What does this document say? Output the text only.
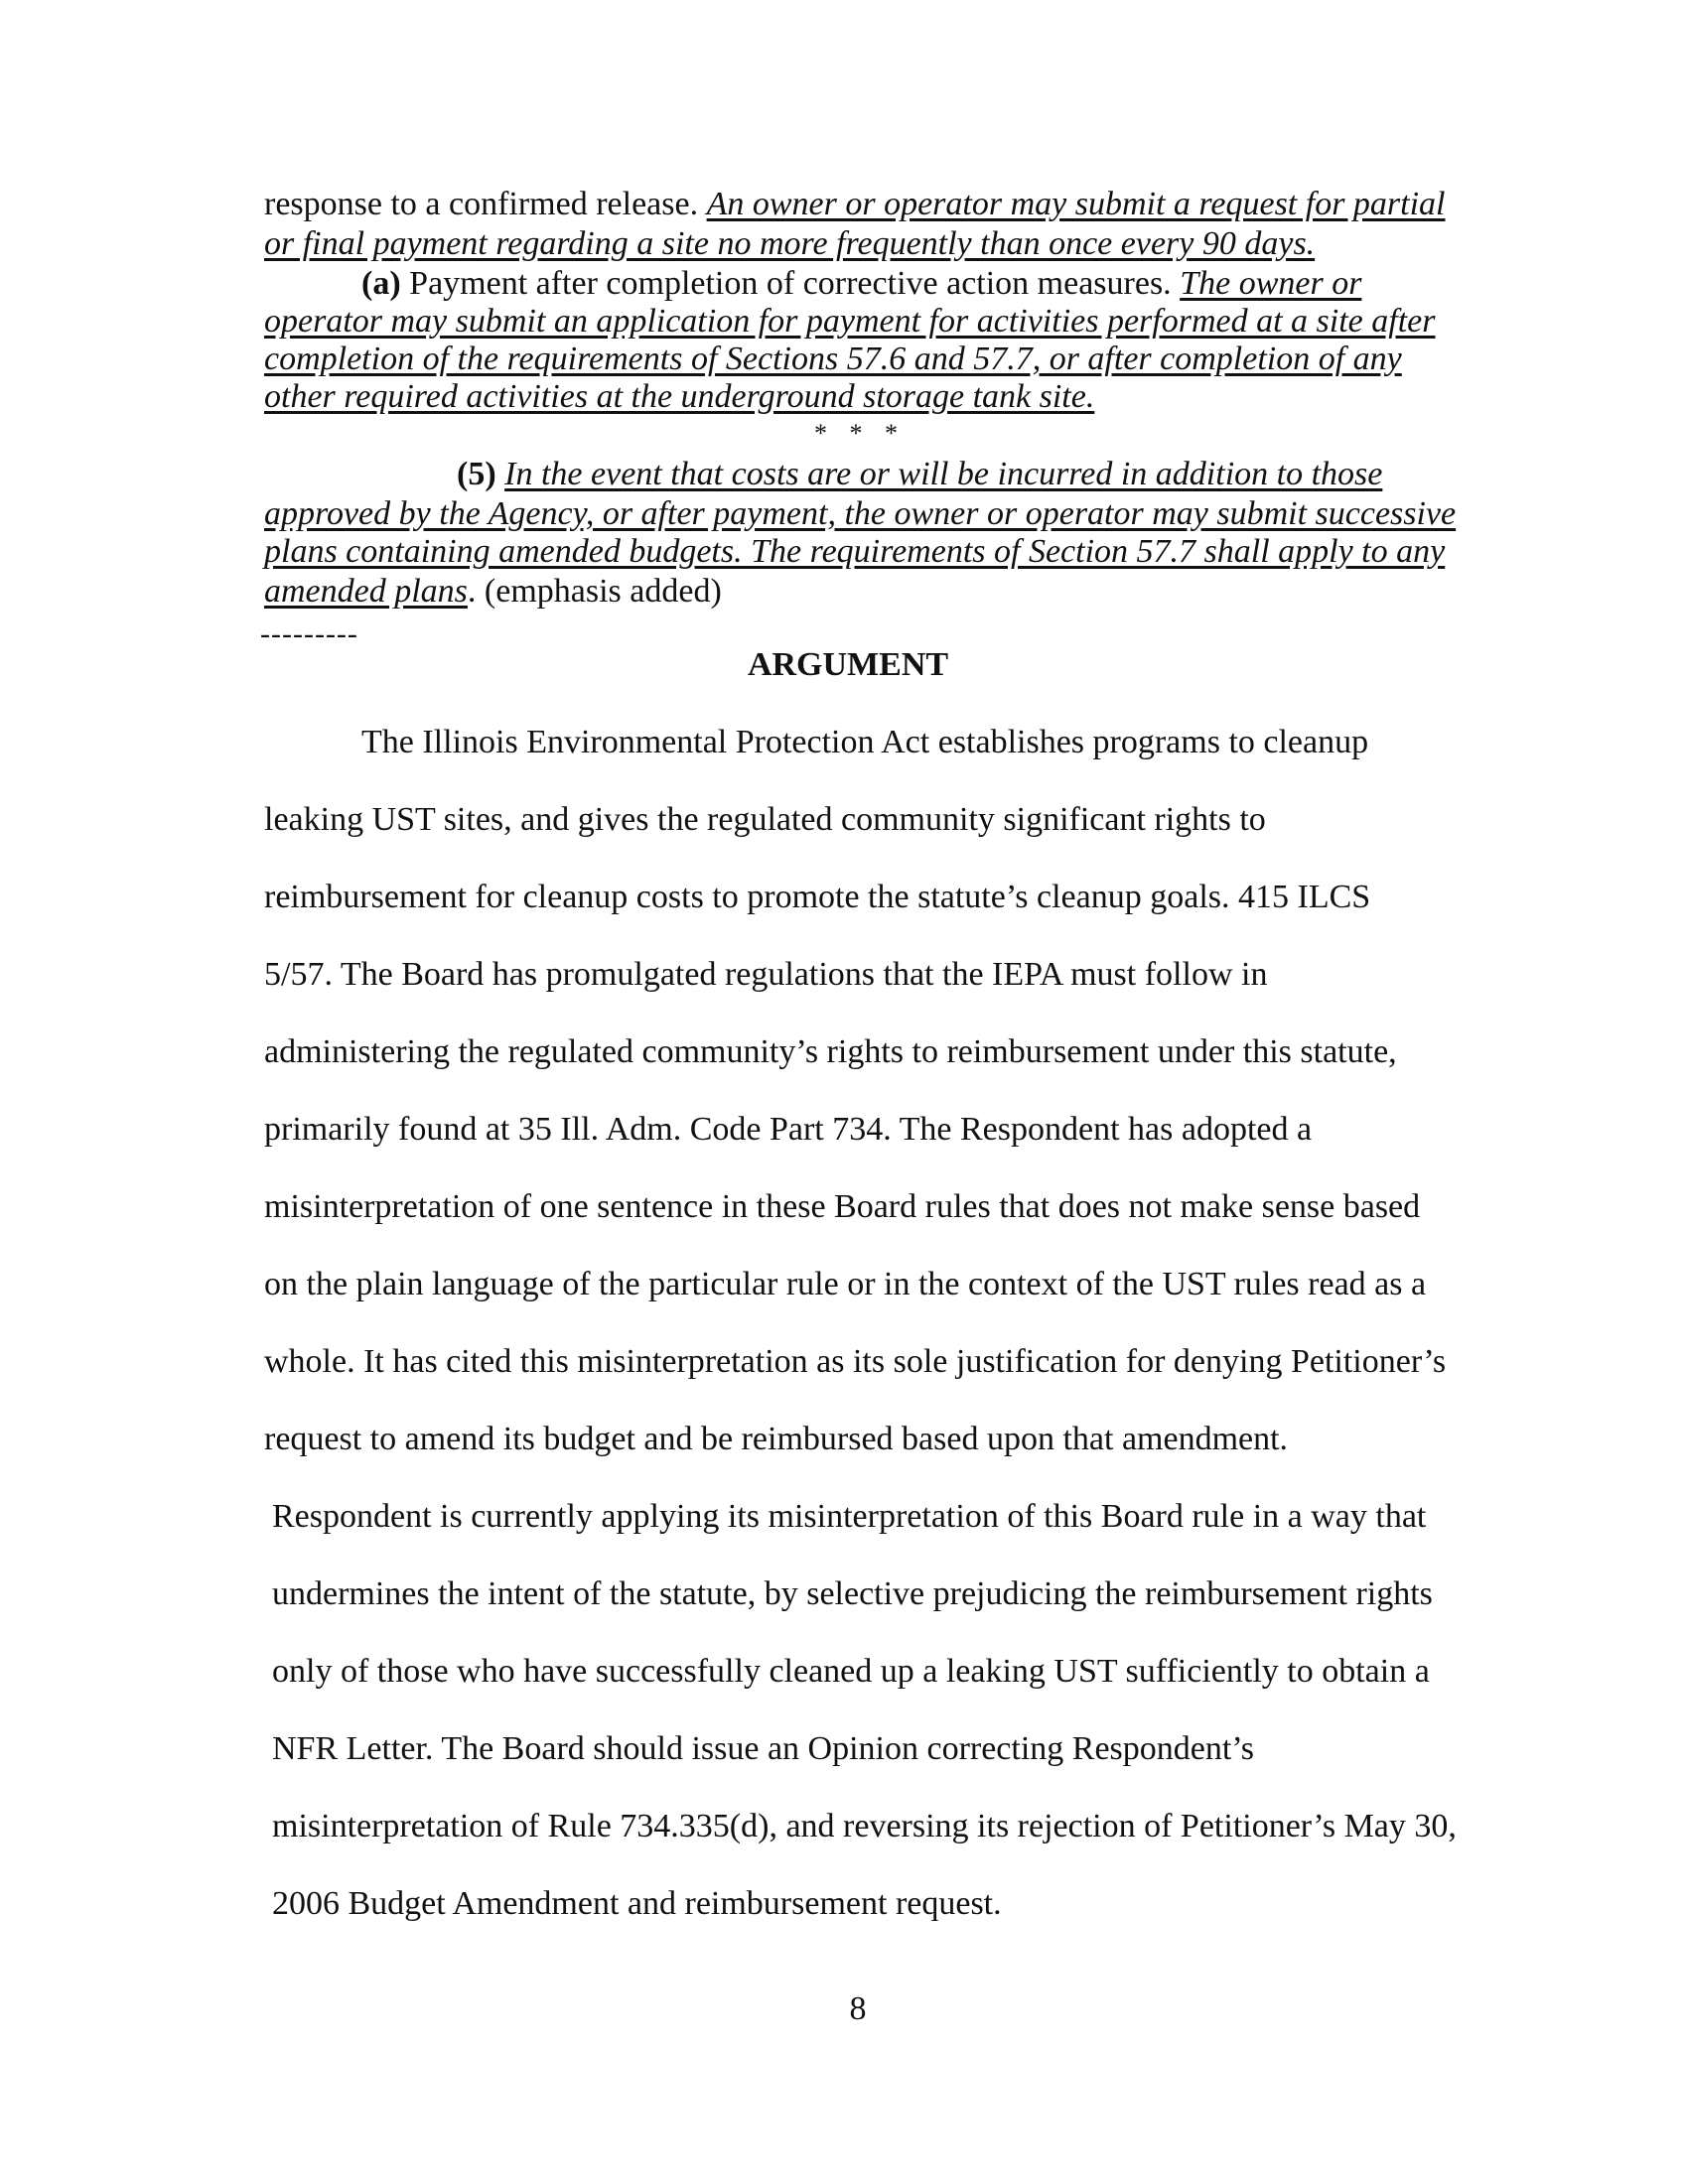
response to a confirmed release. An owner or operator may submit a request for partial
or final payment regarding a site no more frequently than once every 90 days.
(a) Payment after completion of corrective action measures. The owner or
operator may submit an application for payment for activities performed at a site after
completion of the requirements of Sections 57.6 and 57.7, or after completion of any
other required activities at the underground storage tank site.
* * *
(5) In the event that costs are or will be incurred in addition to those
approved by the Agency, or after payment, the owner or operator may submit successive
plans containing amended budgets. The requirements of Section 57.7 shall apply to any
amended plans. (emphasis added)
---------
ARGUMENT
The Illinois Environmental Protection Act establishes programs to cleanup
leaking UST sites, and gives the regulated community significant rights to
reimbursement for cleanup costs to promote the statute’s cleanup goals. 415 ILCS
5/57. The Board has promulgated regulations that the IEPA must follow in
administering the regulated community’s rights to reimbursement under this statute,
primarily found at 35 Ill. Adm. Code Part 734. The Respondent has adopted a
misinterpretation of one sentence in these Board rules that does not make sense based
on the plain language of the particular rule or in the context of the UST rules read as a
whole. It has cited this misinterpretation as its sole justification for denying Petitioner’s
request to amend its budget and be reimbursed based upon that amendment.
Respondent is currently applying its misinterpretation of this Board rule in a way that
undermines the intent of the statute, by selective prejudicing the reimbursement rights
only of those who have successfully cleaned up a leaking UST sufficiently to obtain a
NFR Letter. The Board should issue an Opinion correcting Respondent’s
misinterpretation of Rule 734.335(d), and reversing its rejection of Petitioner’s May 30,
2006 Budget Amendment and reimbursement request.
8
